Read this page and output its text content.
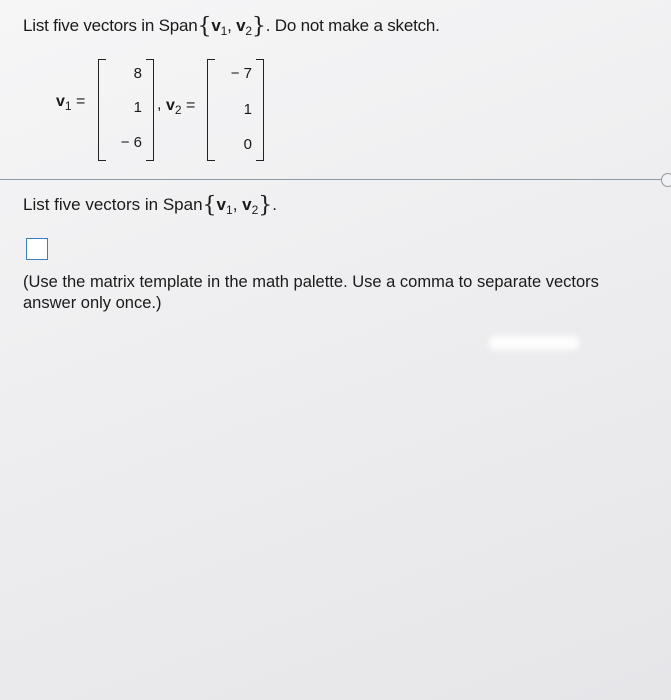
List five vectors in $Span\{v_1$, $v_2$}. Do not make a sketch.
$v_1$ =
8
1
− 6
, $v_2$ =
− 7
1
0
List five vectors in $Span\{v_1$, $v_2$}.
(Use the matrix template in the math palette. Use a comma to separate vectors
answer only once.)
